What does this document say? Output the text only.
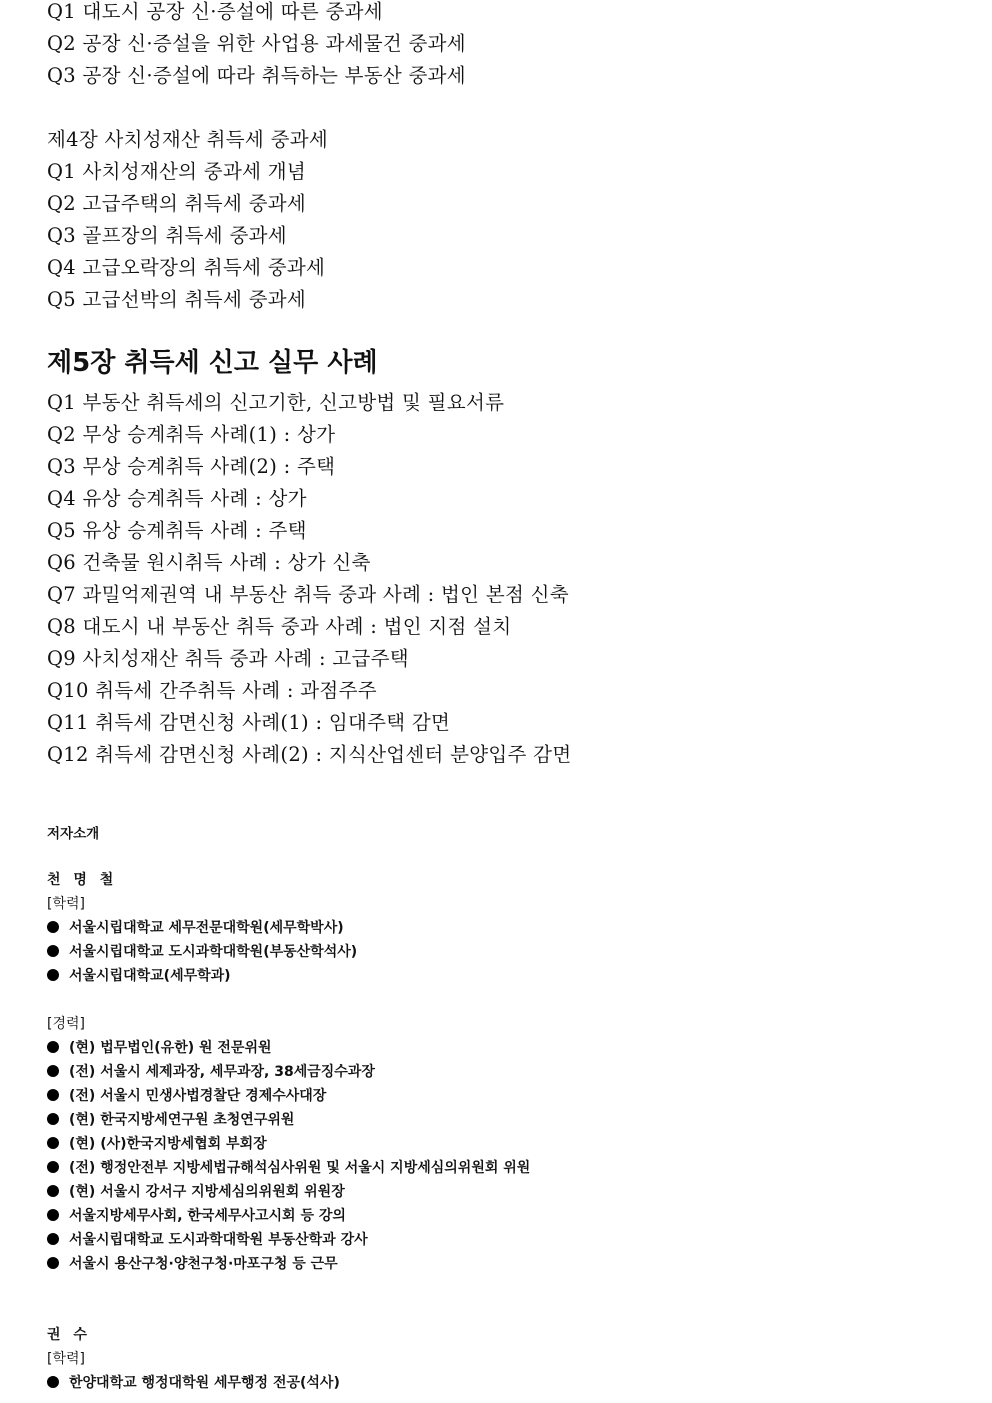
Q1 대도시 공장 신·증설에 따른 중과세
Q2 공장 신·증설을 위한 사업용 과세물건 중과세
Q3 공장 신·증설에 따라 취득하는 부동산 중과세
제4장 사치성재산 취득세 중과세
Q1 사치성재산의 중과세 개념
Q2 고급주택의 취득세 중과세
Q3 골프장의 취득세 중과세
Q4 고급오락장의 취득세 중과세
Q5 고급선박의 취득세 중과세
제5장 취득세 신고 실무 사례
Q1 부동산 취득세의 신고기한, 신고방법 및 필요서류
Q2 무상 승계취득 사례(1) : 상가
Q3 무상 승계취득 사례(2) : 주택
Q4 유상 승계취득 사례 : 상가
Q5 유상 승계취득 사례 : 주택
Q6 건축물 원시취득 사례 : 상가 신축
Q7 과밀억제권역 내 부동산 취득 중과 사례 : 법인 본점 신축
Q8 대도시 내 부동산 취득 중과 사례 : 법인 지점 설치
Q9 사치성재산 취득 중과 사례 : 고급주택
Q10 취득세 간주취득 사례 : 과점주주
Q11 취득세 감면신청 사례(1) : 임대주택 감면
Q12 취득세 감면신청 사례(2) : 지식산업센터 분양입주 감면
저자소개
천 명 철
[학력]
서울시립대학교 세무전문대학원(세무학박사)
서울시립대학교 도시과학대학원(부동산학석사)
서울시립대학교(세무학과)
[경력]
(현) 법무법인(유한) 원 전문위원
(전) 서울시 세제과장, 세무과장, 38세금징수과장
(전) 서울시 민생사법경찰단 경제수사대장
(현) 한국지방세연구원 초청연구위원
(현) (사)한국지방세협회 부회장
(전) 행정안전부 지방세법규해석심사위원 및 서울시 지방세심의위원회 위원
(현) 서울시 강서구 지방세심의위원회 위원장
서울지방세무사회, 한국세무사고시회 등 강의
서울시립대학교 도시과학대학원 부동산학과 강사
서울시 용산구청·양천구청·마포구청 등 근무
권 수
[학력]
한양대학교 행정대학원 세무행정 전공(석사)
